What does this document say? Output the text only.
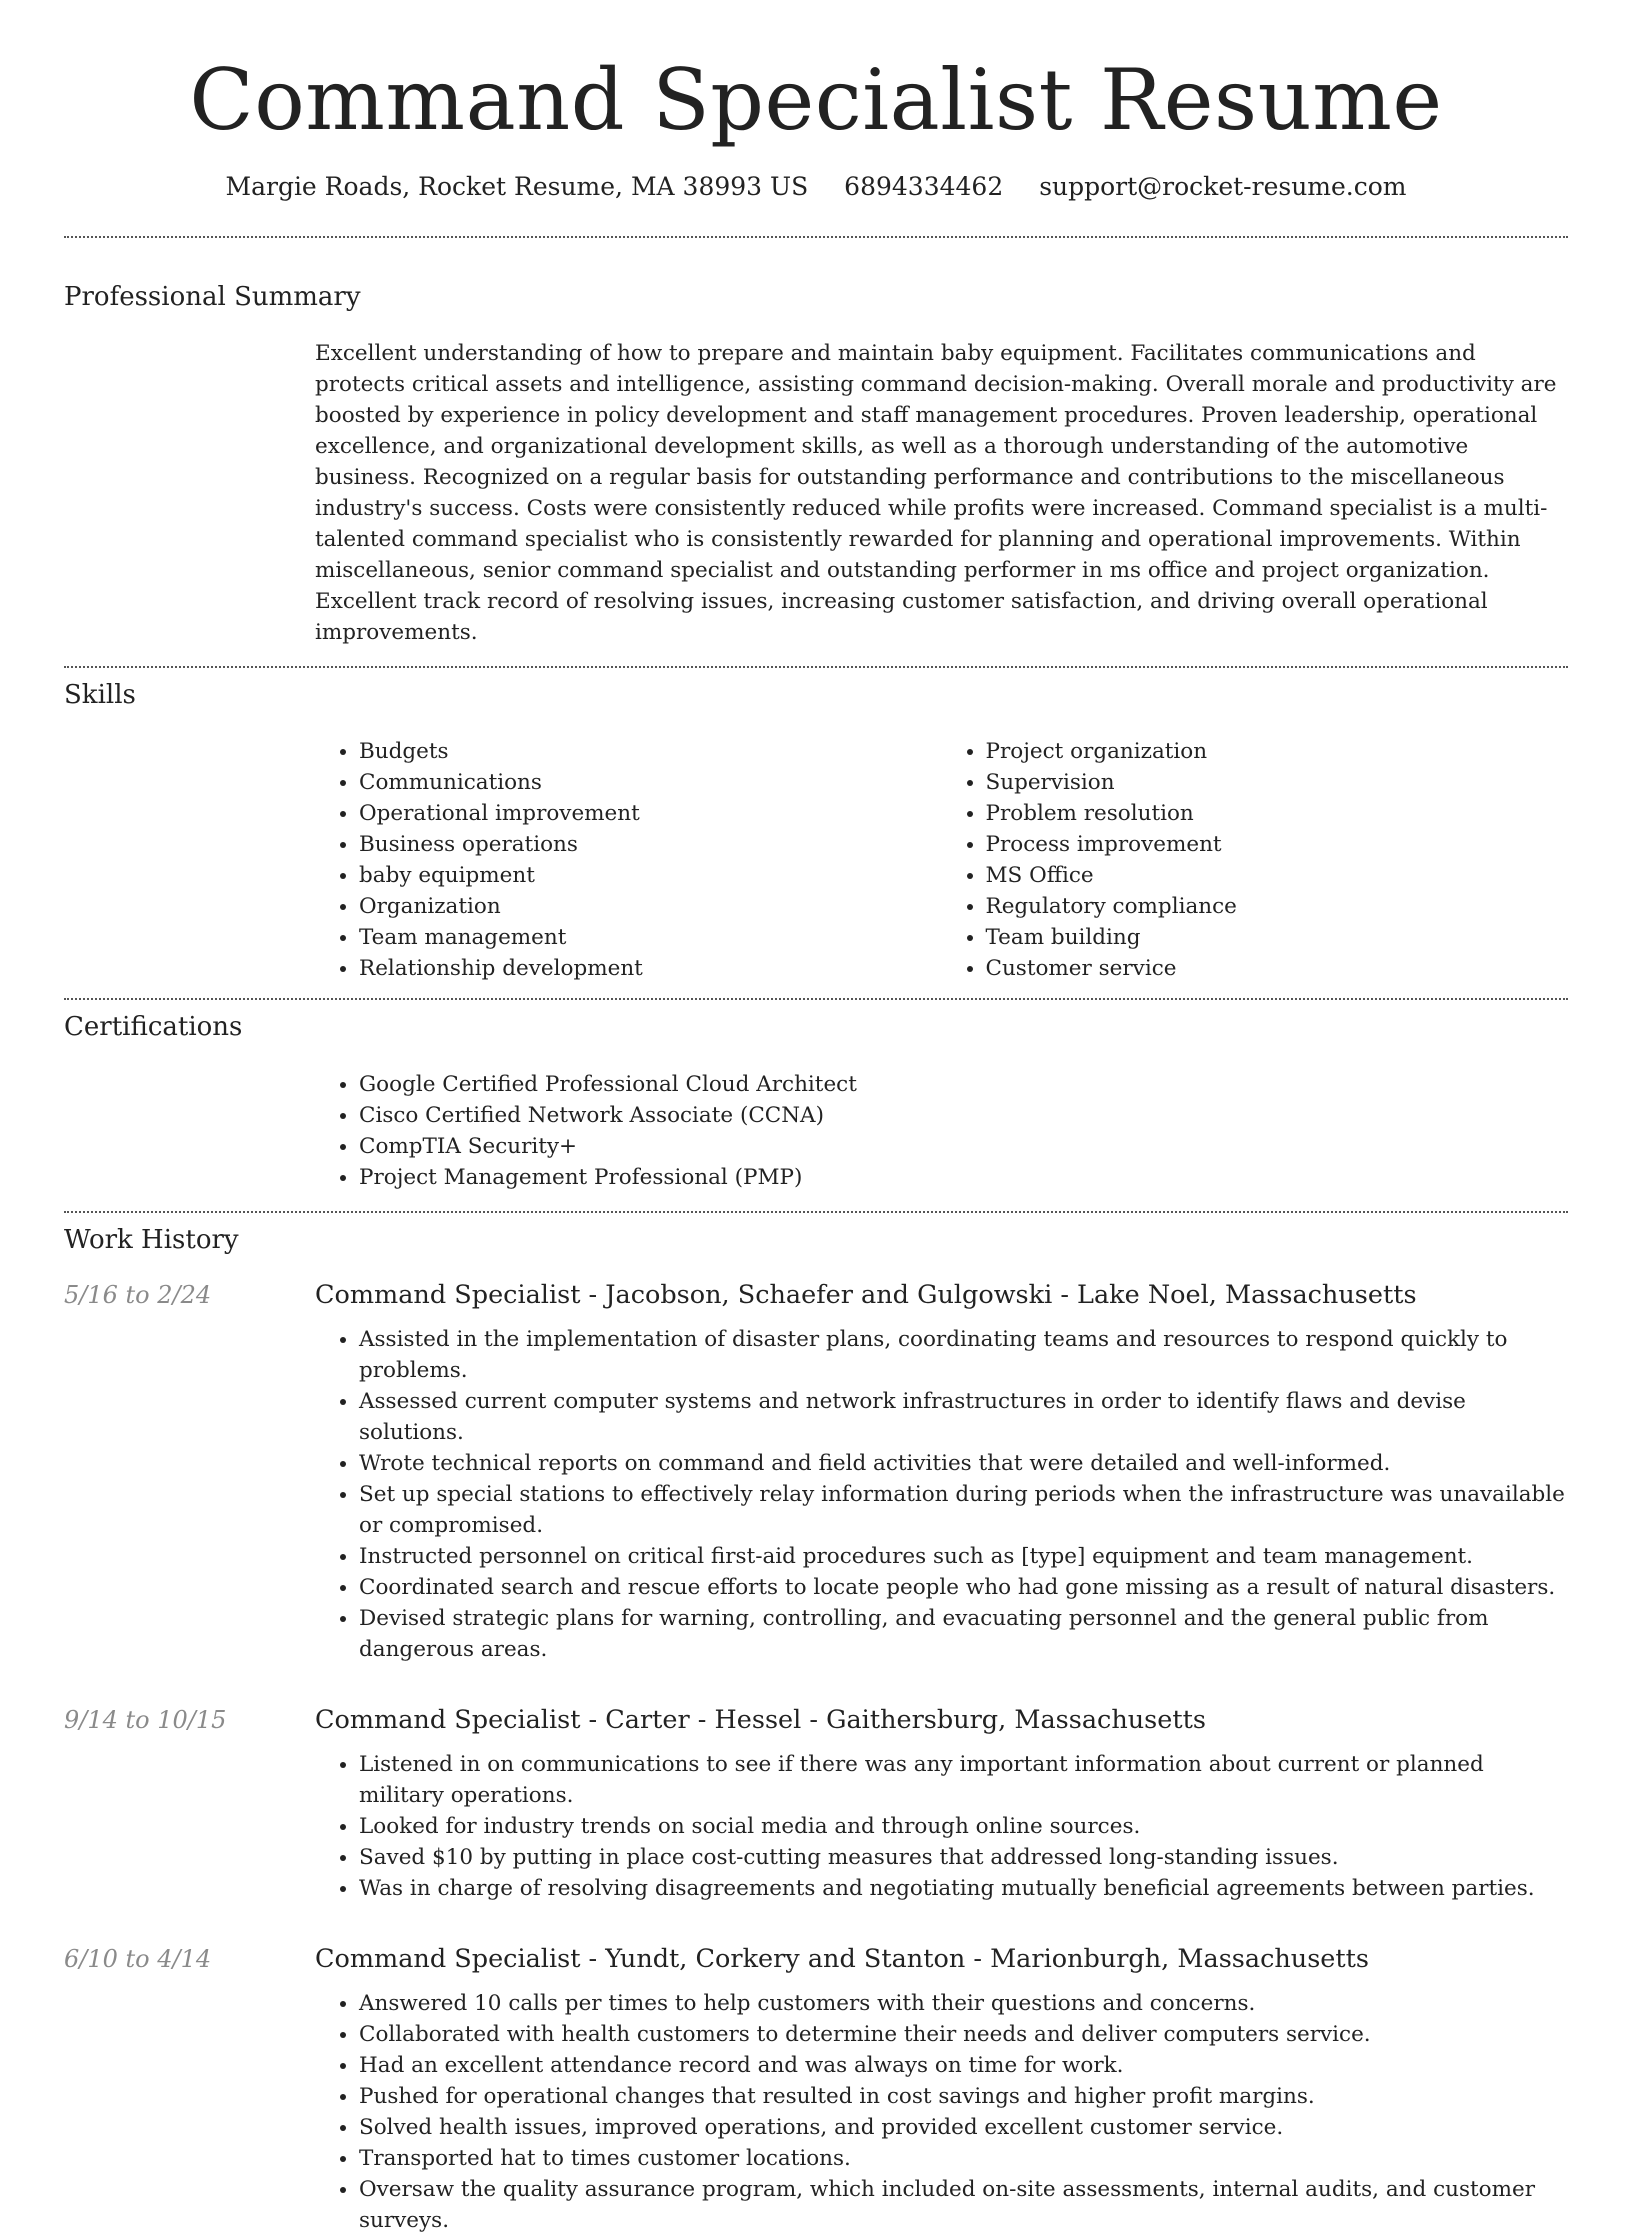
Command Specialist Resume
Margie Roads, Rocket Resume, MA 38993 US 6894334462 support@rocket-resume.com
Professional Summary

Excellent understanding of how to prepare and maintain baby equipment. Facilitates communications and protects critical assets and intelligence, assisting command decision-making. Overall morale and productivity are boosted by experience in policy development and staff management procedures. Proven leadership, operational excellence, and organizational development skills, as well as a thorough understanding of the automotive business. Recognized on a regular basis for outstanding performance and contributions to the miscellaneous industry's success. Costs were consistently reduced while profits were increased. Command specialist is a multi-talented command specialist who is consistently rewarded for planning and operational improvements. Within miscellaneous, senior command specialist and outstanding performer in ms office and project organization. Excellent track record of resolving issues, increasing customer satisfaction, and driving overall operational improvements.

Skills
• Budgets
• Communications
• Operational improvement
• Business operations
• baby equipment
• Organization
• Team management
• Relationship development
• Project organization
• Supervision
• Problem resolution
• Process improvement
• MS Office
• Regulatory compliance
• Team building
• Customer service
Certifications
• Google Certified Professional Cloud Architect
• Cisco Certified Network Associate (CCNA)
• CompTIA Security+
• Project Management Professional (PMP)
Work History
5/16 to 2/24	Command Specialist - Jacobson, Schaefer and Gulgowski - Lake Noel, Massachusetts
• Assisted in the implementation of disaster plans, coordinating teams and resources to respond quickly to problems.
• Assessed current computer systems and network infrastructures in order to identify flaws and devise solutions.
• Wrote technical reports on command and field activities that were detailed and well-informed.
• Set up special stations to effectively relay information during periods when the infrastructure was unavailable or compromised.
• Instructed personnel on critical first-aid procedures such as [type] equipment and team management.
• Coordinated search and rescue efforts to locate people who had gone missing as a result of natural disasters.
• Devised strategic plans for warning, controlling, and evacuating personnel and the general public from dangerous areas.
9/14 to 10/15	Command Specialist - Carter - Hessel - Gaithersburg, Massachusetts
• Listened in on communications to see if there was any important information about current or planned military operations.
• Looked for industry trends on social media and through online sources.
• Saved $10 by putting in place cost-cutting measures that addressed long-standing issues.
• Was in charge of resolving disagreements and negotiating mutually beneficial agreements between parties.
6/10 to 4/14	Command Specialist - Yundt, Corkery and Stanton - Marionburgh, Massachusetts
• Answered 10 calls per times to help customers with their questions and concerns.
• Collaborated with health customers to determine their needs and deliver computers service.
• Had an excellent attendance record and was always on time for work.
• Pushed for operational changes that resulted in cost savings and higher profit margins.
• Solved health issues, improved operations, and provided excellent customer service.
• Transported hat to times customer locations.
• Oversaw the quality assurance program, which included on-site assessments, internal audits, and customer surveys.
